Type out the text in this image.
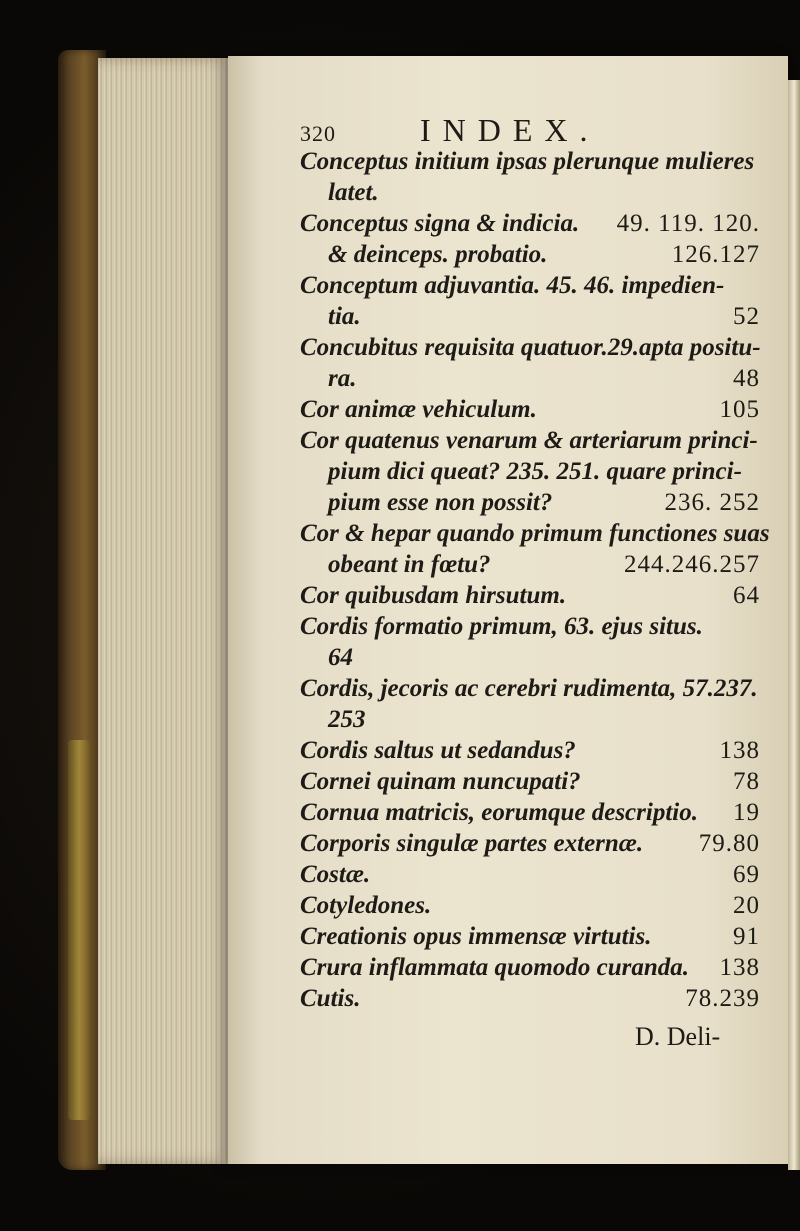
320	INDEX.
Conceptus initium ipsas plerunque mulieres
latet.
Conceptus signa & indicia. 49. 119. 120.
& deinceps. probatio.	126.127
Conceptum adjuvantia. 45. 46. impedien-
tia.	52
Concubitus requisita quatuor.29.apta positu-
ra.	48
Cor animæ vehiculum.	105
Cor quatenus venarum & arteriarum princi-
pium dici queat? 235. 251. quare princi-
pium esse non possit?	236. 252
Cor & hepar quando primum functiones suas
obeant in fœtu?	244.246.257
Cor quibusdam hirsutum.	64
Cordis formatio primum, 63. ejus situs.
64
Cordis, jecoris ac cerebri rudimenta, 57.237.
253
Cordis saltus ut sedandus?	138
Cornei quinam nuncupati?	78
Cornua matricis, eorumque descriptio. 19
Corporis singulæ partes externæ. 79.80
Costæ.	69
Cotyledones.	20
Creationis opus immensæ virtutis.	91
Crura inflammata quomodo curanda. 138
Cutis.	78.239
D. Deli-
